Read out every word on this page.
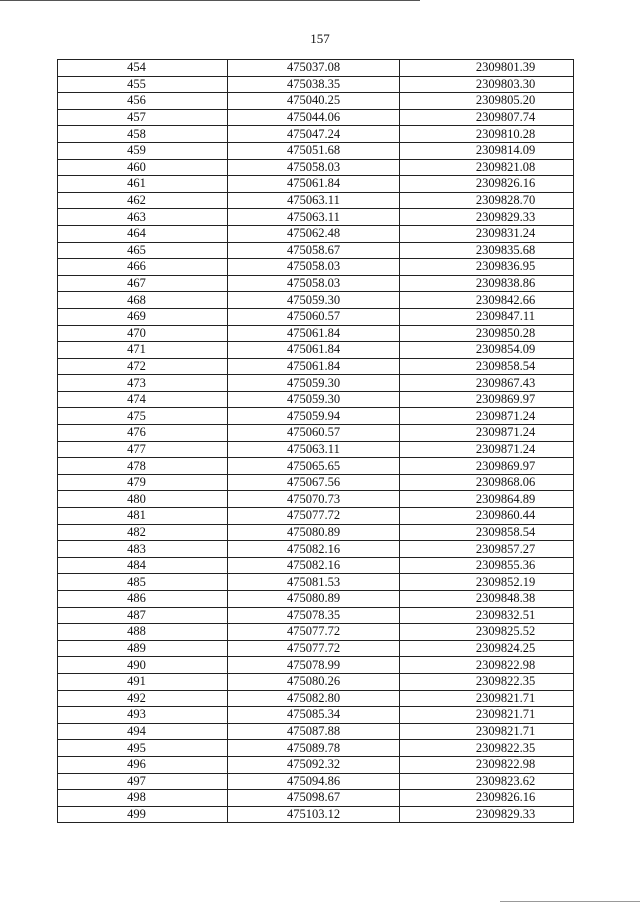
157
454	475037.08	2309801.39
455	475038.35	2309803.30
456	475040.25	2309805.20
457	475044.06	2309807.74
458	475047.24	2309810.28
459	475051.68	2309814.09
460	475058.03	2309821.08
461	475061.84	2309826.16
462	475063.11	2309828.70
463	475063.11	2309829.33
464	475062.48	2309831.24
465	475058.67	2309835.68
466	475058.03	2309836.95
467	475058.03	2309838.86
468	475059.30	2309842.66
469	475060.57	2309847.11
470	475061.84	2309850.28
471	475061.84	2309854.09
472	475061.84	2309858.54
473	475059.30	2309867.43
474	475059.30	2309869.97
475	475059.94	2309871.24
476	475060.57	2309871.24
477	475063.11	2309871.24
478	475065.65	2309869.97
479	475067.56	2309868.06
480	475070.73	2309864.89
481	475077.72	2309860.44
482	475080.89	2309858.54
483	475082.16	2309857.27
484	475082.16	2309855.36
485	475081.53	2309852.19
486	475080.89	2309848.38
487	475078.35	2309832.51
488	475077.72	2309825.52
489	475077.72	2309824.25
490	475078.99	2309822.98
491	475080.26	2309822.35
492	475082.80	2309821.71
493	475085.34	2309821.71
494	475087.88	2309821.71
495	475089.78	2309822.35
496	475092.32	2309822.98
497	475094.86	2309823.62
498	475098.67	2309826.16
499	475103.12	2309829.33
